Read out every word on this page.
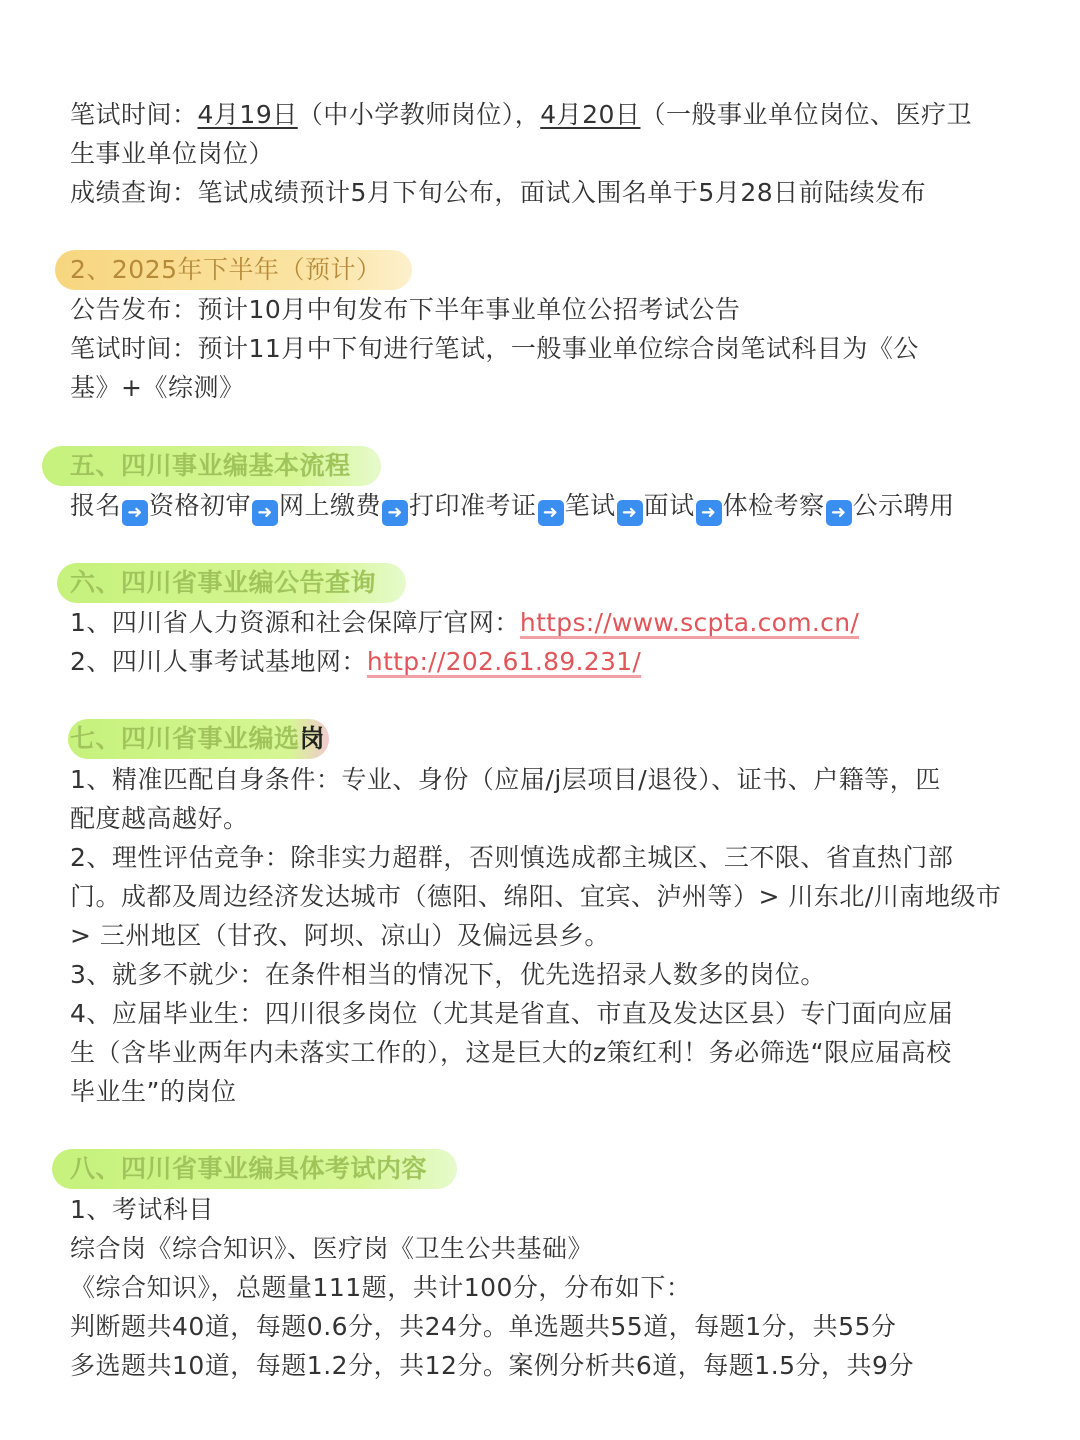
笔试时间：4月19日（中小学教师岗位），4月20日（一般事业单位岗位、医疗卫
生事业单位岗位）
成绩查询：笔试成绩预计5月下旬公布，面试入围名单于5月28日前陆续发布
2、2025年下半年（预计）
公告发布：预计10月中旬发布下半年事业单位公招考试公告
笔试时间：预计11月中下旬进行笔试，一般事业单位综合岗笔试科目为《公
基》+《综测》
五、四川事业编基本流程
报名 ➜ 资格初审 ➜ 网上缴费 ➜ 打印准考证 ➜ 笔试 ➜ 面试 ➜ 体检考察 ➜ 公示聘用
六、四川省事业编公告查询
1、四川省人力资源和社会保障厅官网：https://www.scpta.com.cn/
2、四川人事考试基地网：http://202.61.89.231/
七、四川省事业编选岗
1、精准匹配自身条件：专业、身份（应届/j层项目/退役）、证书、户籍等，匹
配度越高越好。
2、理性评估竞争：除非实力超群，否则慎选成都主城区、三不限、省直热门部
门。成都及周边经济发达城市（德阳、绵阳、宜宾、泸州等）> 川东北/川南地级市
> 三州地区（甘孜、阿坝、凉山）及偏远县乡。
3、就多不就少：在条件相当的情况下，优先选招录人数多的岗位。
4、应届毕业生：四川很多岗位（尤其是省直、市直及发达区县）专门面向应届
生（含毕业两年内未落实工作的），这是巨大的z策红利！务必筛选“限应届高校
毕业生”的岗位
八、四川省事业编具体考试内容
1、考试科目
综合岗《综合知识》、医疗岗《卫生公共基础》
《综合知识》，总题量111题，共计100分，分布如下：
判断题共40道，每题0.6分，共24分。单选题共55道，每题1分，共55分
多选题共10道，每题1.2分，共12分。案例分析共6道，每题1.5分，共9分
